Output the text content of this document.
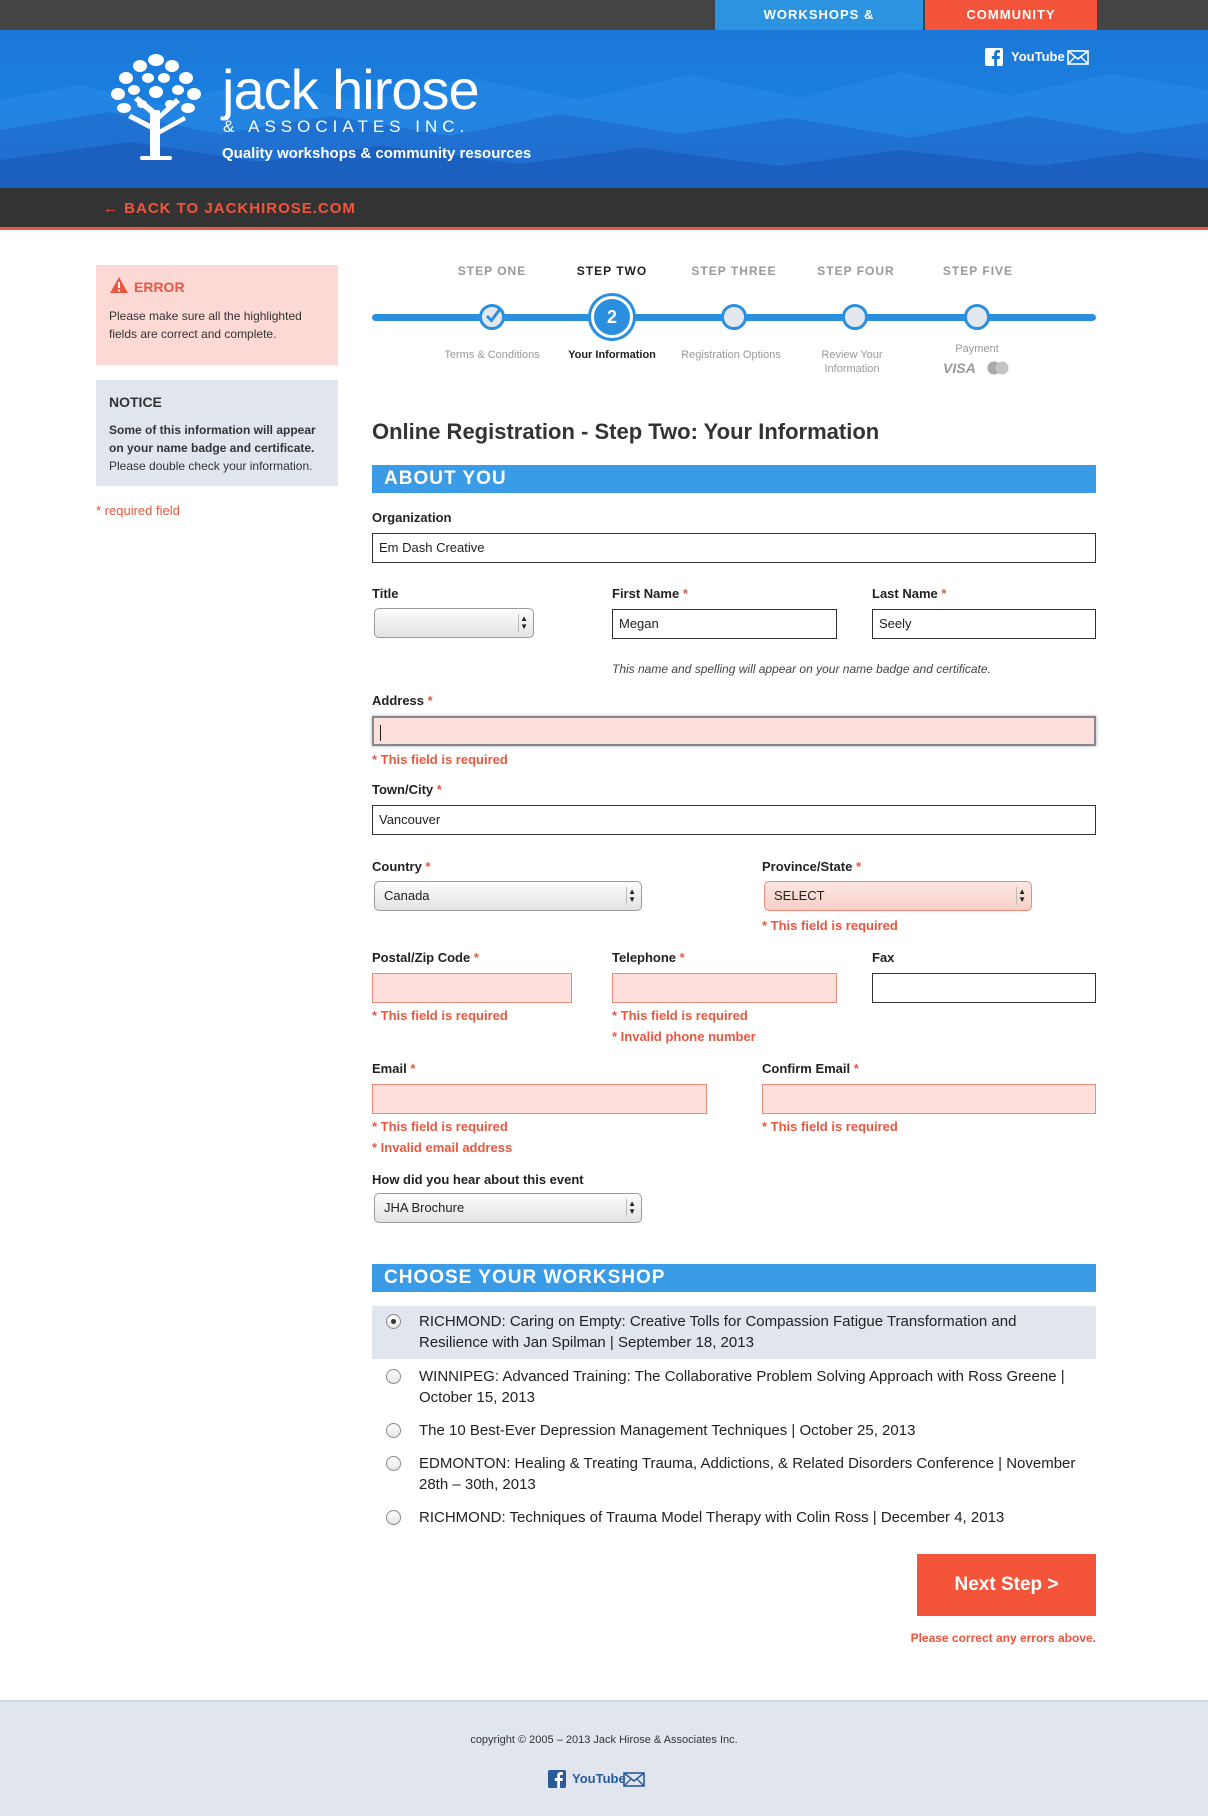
WORKSHOPS &	COMMUNITY
jack hirose
& ASSOCIATES INC.
Quality workshops & community resources
YouTube
← BACK TO JACKHIROSE.COM
ERROR
Please make sure all the highlighted fields are correct and complete.
NOTICE
Some of this information will appear on your name badge and certificate. Please double check your information.
* required field
STEP ONE	STEP TWO	STEP THREE	STEP FOUR	STEP FIVE
2
Terms & Conditions	Your Information	Registration Options	Review Your Information
Payment
VISA
Online Registration - Step Two: Your Information
ABOUT YOU
Organization
Em Dash Creative
Title
▲
▼
First Name *
Megan
Last Name *
Seely
This name and spelling will appear on your name badge and certificate.
Address *
* This field is required
Town/City *
Vancouver
Country *
Canada	▲
▼
Province/State *
SELECT	▲
▼
* This field is required
Postal/Zip Code *
* This field is required
Telephone *
* This field is required
* Invalid phone number
Fax
Email *
* This field is required
* Invalid email address
Confirm Email *
* This field is required
How did you hear about this event
JHA Brochure	▲
▼
CHOOSE YOUR WORKSHOP
RICHMOND: Caring on Empty: Creative Tolls for Compassion Fatigue Transformation and Resilience with Jan Spilman | September 18, 2013
WINNIPEG: Advanced Training: The Collaborative Problem Solving Approach with Ross Greene | October 15, 2013
The 10 Best-Ever Depression Management Techniques | October 25, 2013
EDMONTON: Healing & Treating Trauma, Addictions, & Related Disorders Conference | November 28th – 30th, 2013
RICHMOND: Techniques of Trauma Model Therapy with Colin Ross | December 4, 2013
Next Step >
Please correct any errors above.
copyright © 2005 – 2013 Jack Hirose & Associates Inc.
YouTube
